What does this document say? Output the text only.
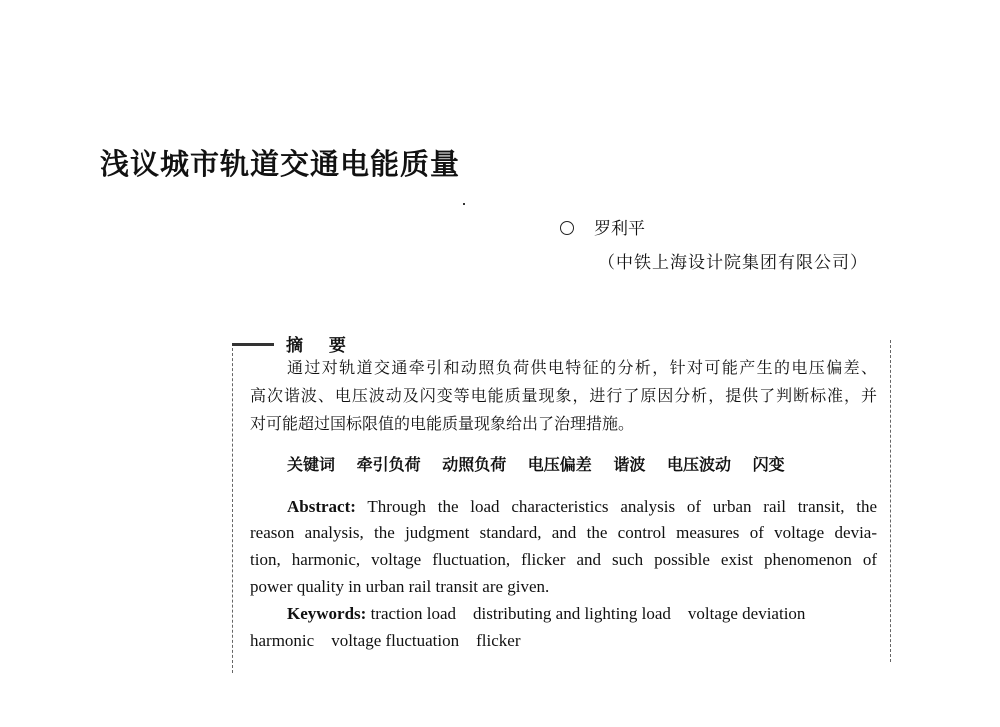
浅议城市轨道交通电能质量
罗利平
（中铁上海设计院集团有限公司）
摘 要
通过对轨道交通牵引和动照负荷供电特征的分析，针对可能产生的电压偏差、
高次谐波、电压波动及闪变等电能质量现象，进行了原因分析，提供了判断标准，并
对可能超过国标限值的电能质量现象给出了治理措施。
关键词 牵引负荷 动照负荷 电压偏差 谐波 电压波动 闪变
Abstract: Through the load characteristics analysis of urban rail transit, the
reason analysis, the judgment standard, and the control measures of voltage devia-
tion, harmonic, voltage fluctuation, flicker and such possible exist phenomenon of
power quality in urban rail transit are given.
Keywords: traction load    distributing and lighting load    voltage deviation
harmonic    voltage fluctuation    flicker
